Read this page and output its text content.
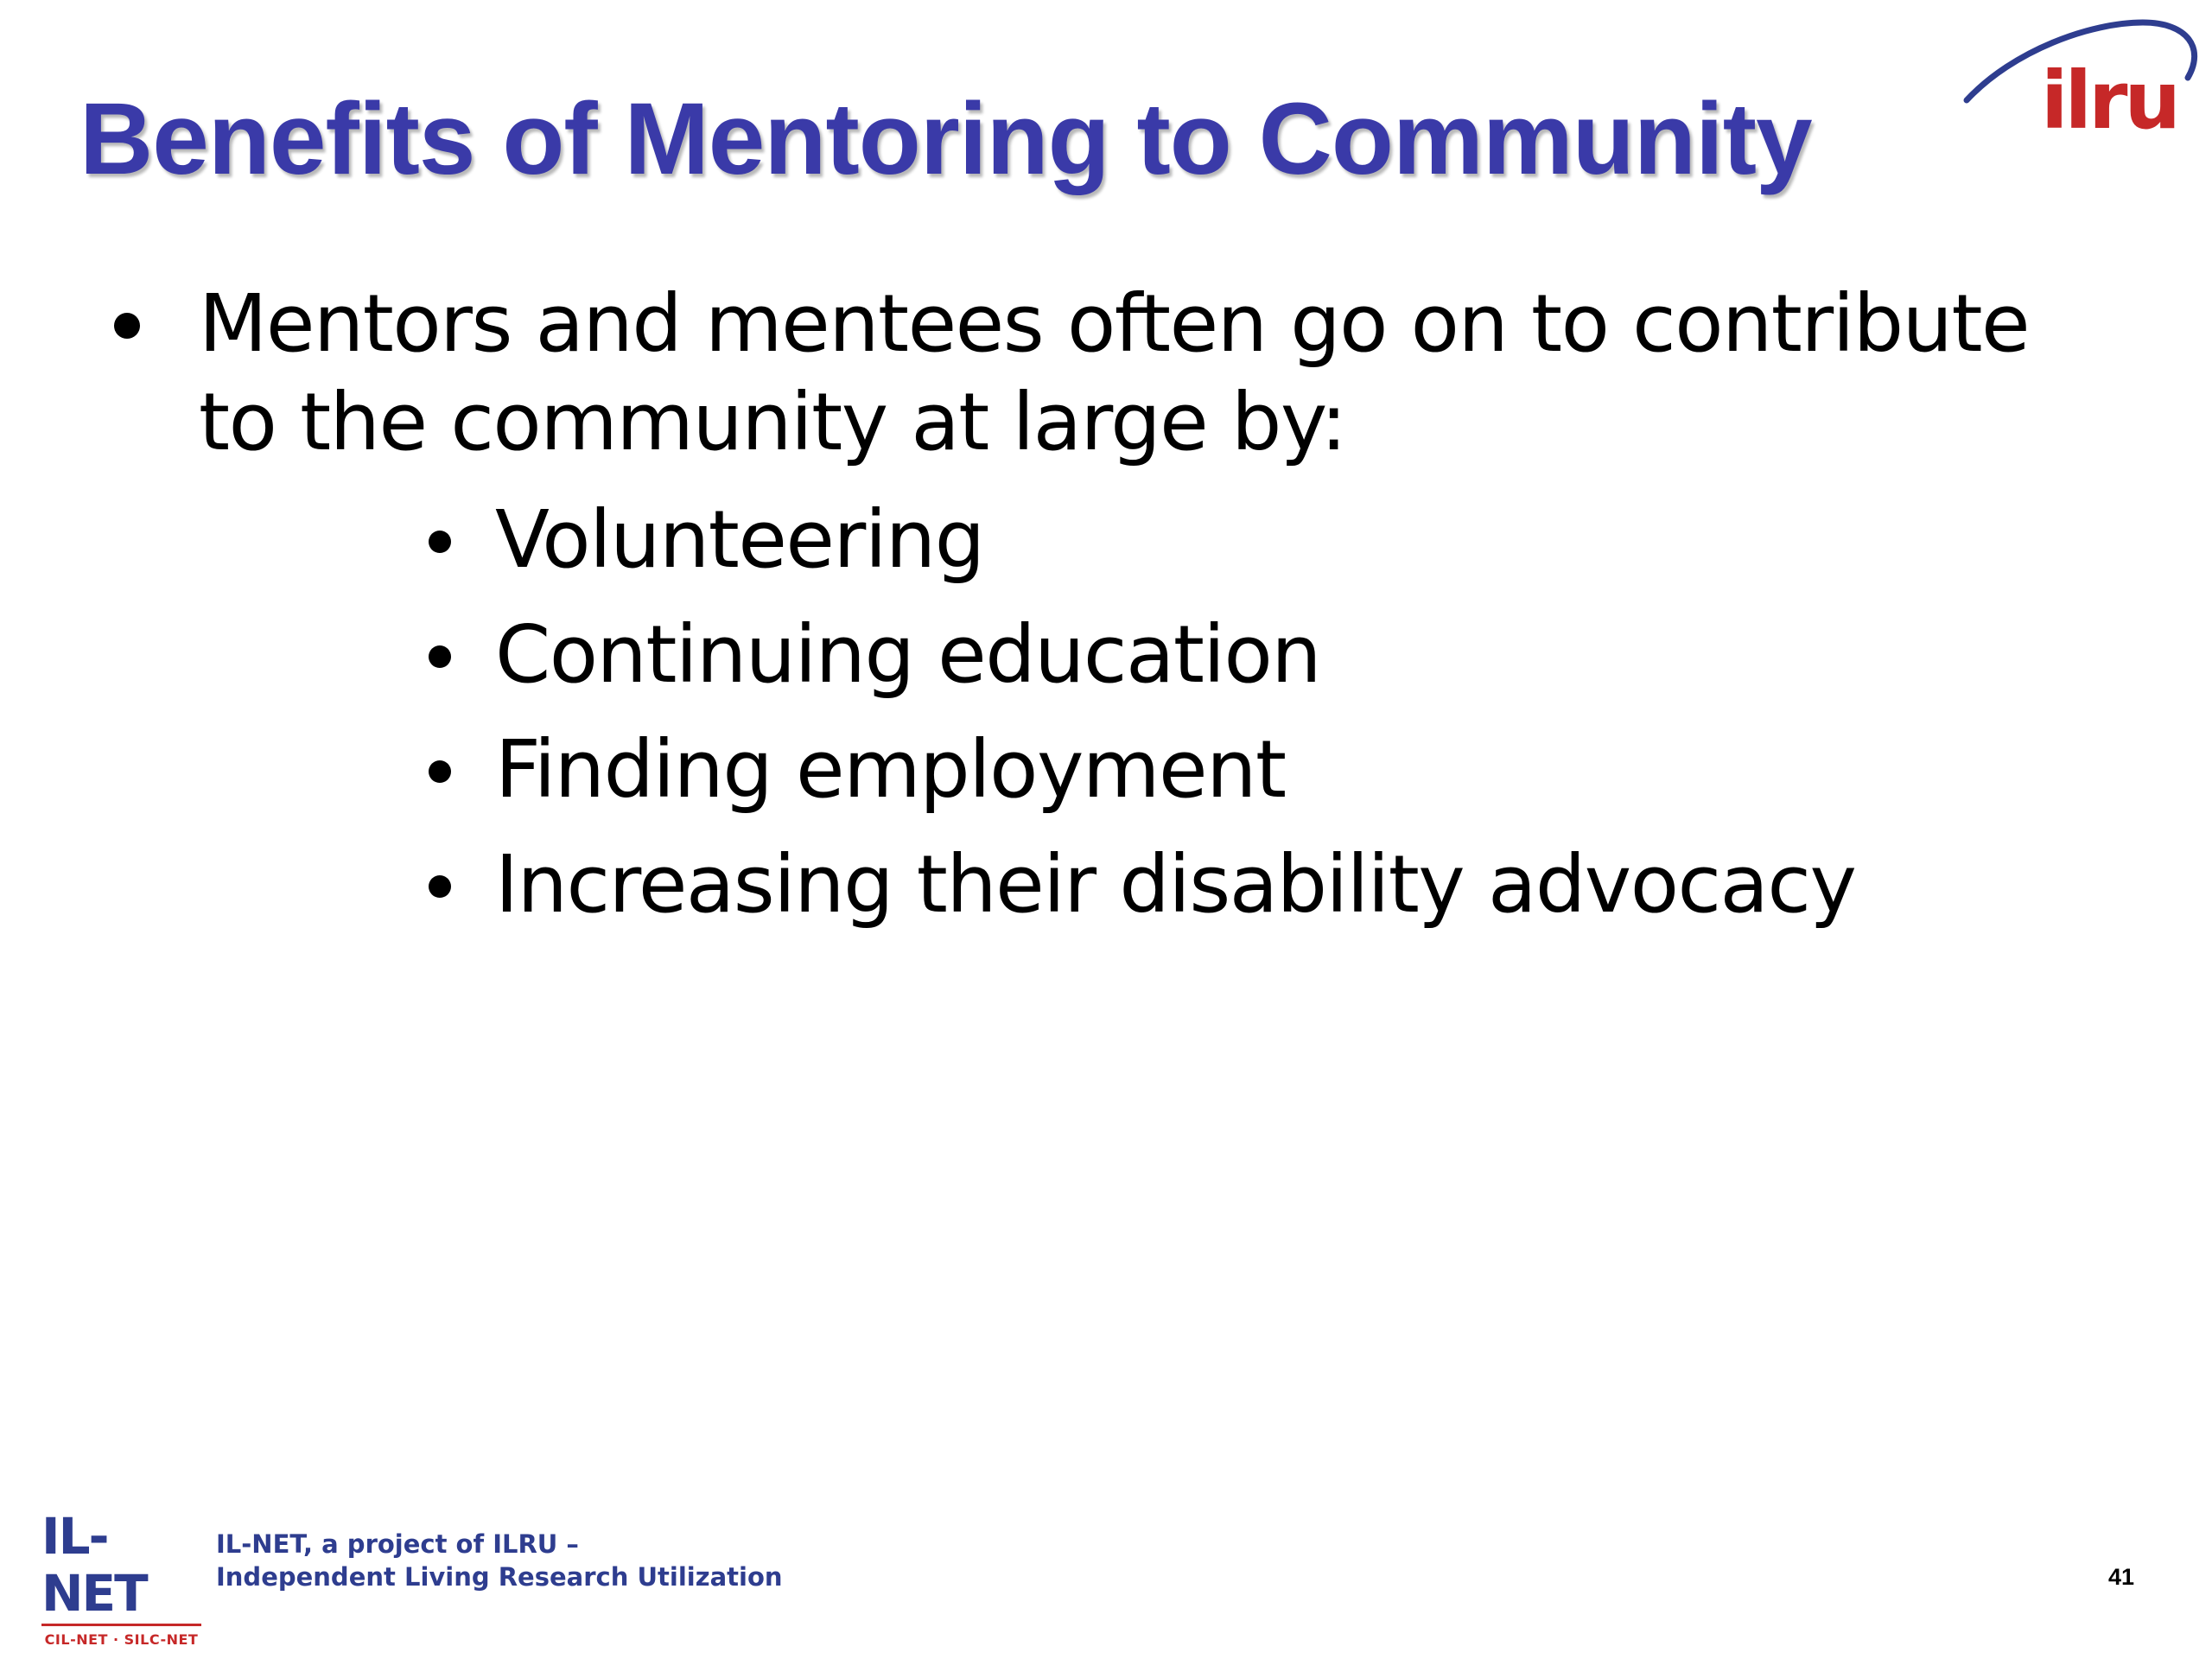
Benefits of Mentoring to Community	ilru
Mentors and mentees often go on to contribute to the community at large by:
Volunteering
Continuing education
Finding employment
Increasing their disability advocacy
IL-NET
CIL-NET · SILC-NET
IL-NET, a project of ILRU –
Independent Living Research Utilization	41
